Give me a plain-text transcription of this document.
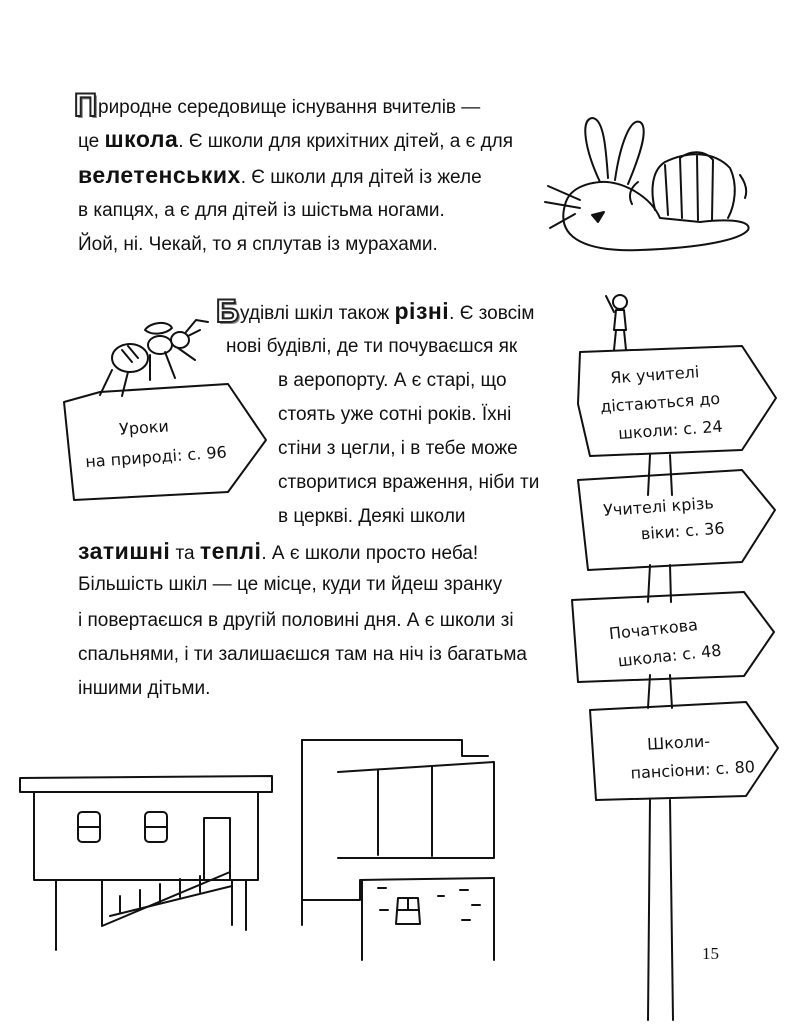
Природне середовище існування вчителів —
це школа. Є школи для крихітних дітей, а є для
велетенських. Є школи для дітей із желе
в капцях, а є для дітей із шістьма ногами.
Йой, ні. Чекай, то я сплутав із мурахами.
Будівлі шкіл також різні. Є зовсім
нові будівлі, де ти почуваєшся як
в аеропорту. А є старі, що
стоять уже сотні років. Їхні
стіни з цегли, і в тебе може
створитися враження, ніби ти
в церкві. Деякі школи
затишні та теплі. А є школи просто неба!
Більшість шкіл — це місце, куди ти йдеш зранку
і повертаєшся в другій половині дня. А є школи зі
спальнями, і ти залишаєшся там на ніч із багатьма
іншими дітьми.
Уроки
на природі: с. 96
Як учителі
дістаються до
школи: с. 24
Учителі крізь
віки: с. 36
Початкова
школа: с. 48
Школи-
пансіони: с. 80
15
